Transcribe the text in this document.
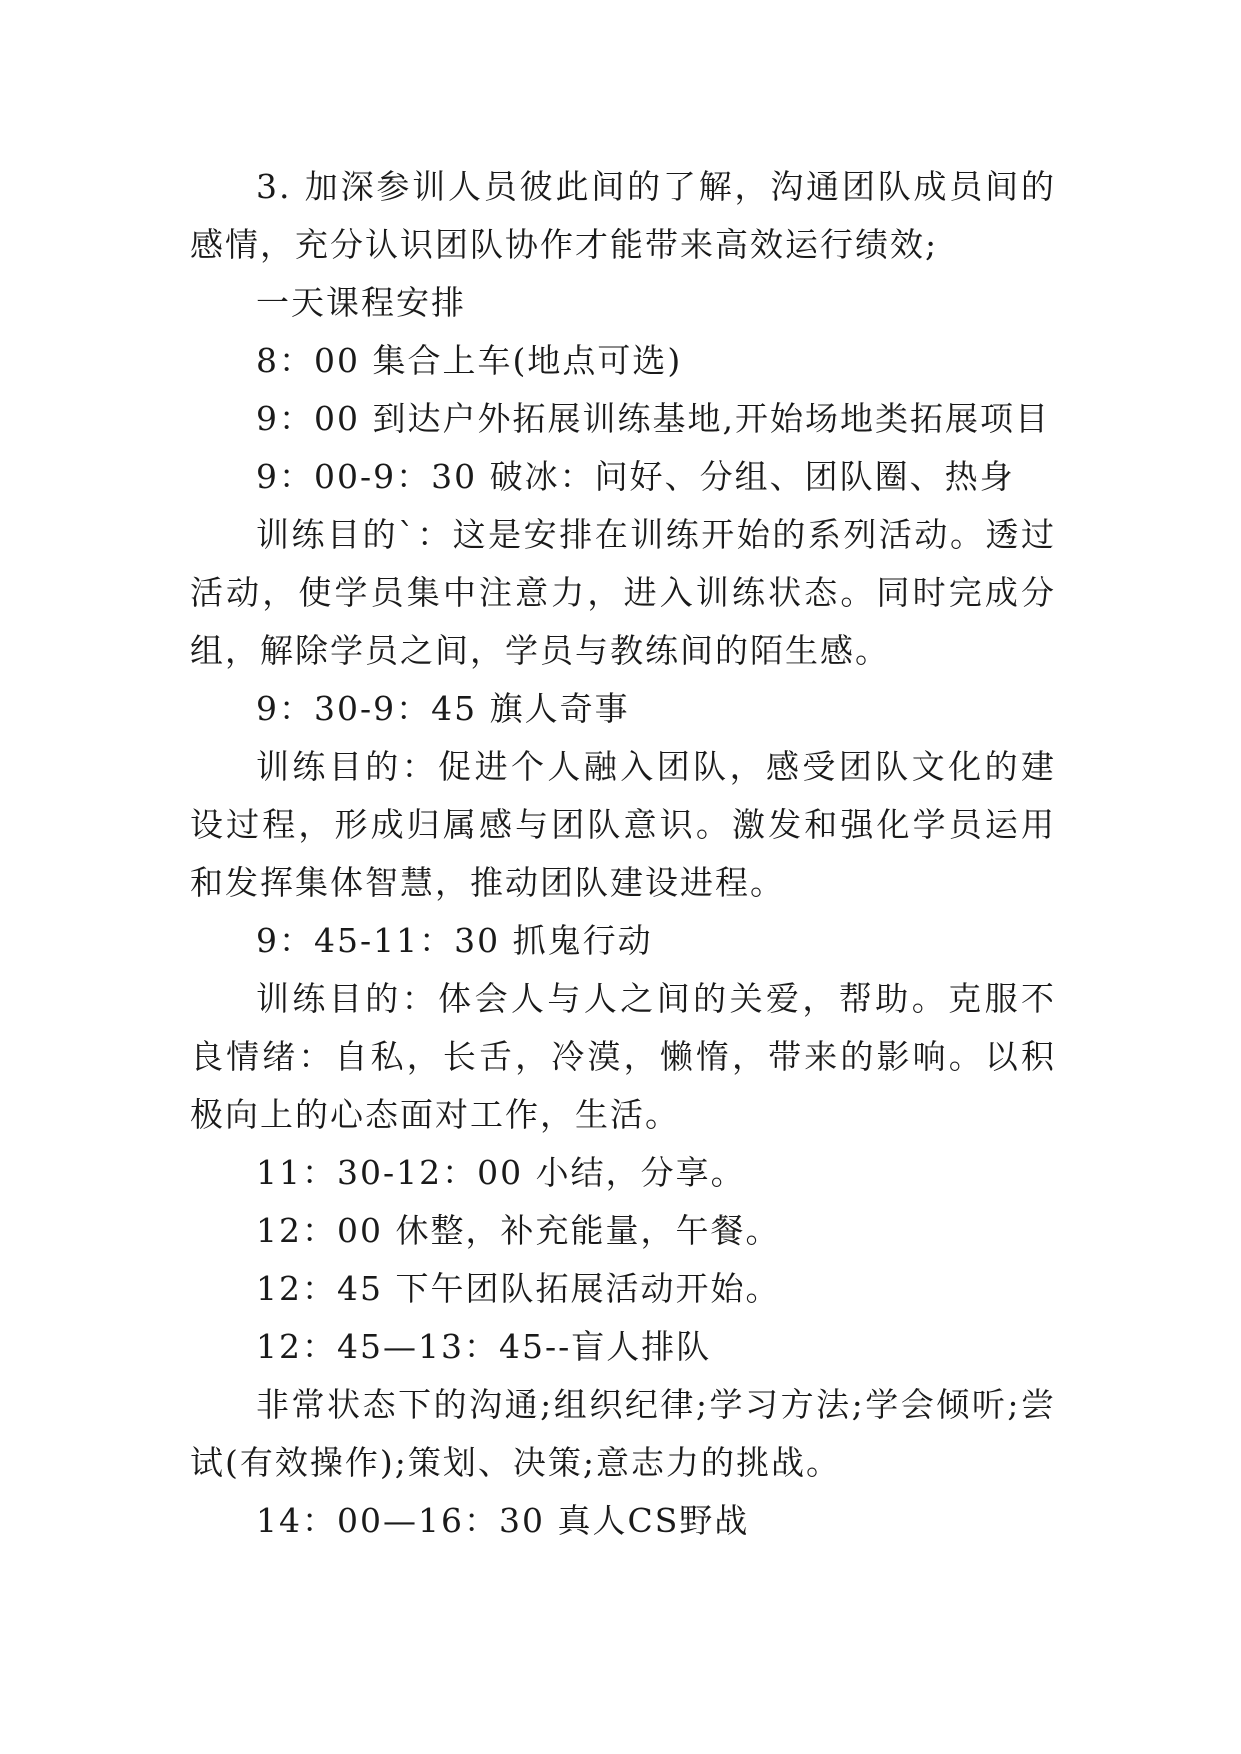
3. 加深参训人员彼此间的了解，沟通团队成员间的感情，充分认识团队协作才能带来高效运行绩效;

一天课程安排

8：00 集合上车(地点可选)

9：00 到达户外拓展训练基地,开始场地类拓展项目

9：00-9：30 破冰：问好、分组、团队圈、热身

训练目的`：这是安排在训练开始的系列活动。透过活动，使学员集中注意力，进入训练状态。同时完成分组，解除学员之间，学员与教练间的陌生感。

9：30-9：45 旗人奇事

训练目的：促进个人融入团队，感受团队文化的建设过程，形成归属感与团队意识。激发和强化学员运用和发挥集体智慧，推动团队建设进程。

9：45-11：30 抓鬼行动

训练目的：体会人与人之间的关爱，帮助。克服不良情绪：自私，长舌，冷漠，懒惰，带来的影响。以积极向上的心态面对工作，生活。

11：30-12：00 小结，分享。

12：00 休整，补充能量，午餐。

12：45 下午团队拓展活动开始。

12：45—13：45--盲人排队

非常状态下的沟通;组织纪律;学习方法;学会倾听;尝试(有效操作);策划、决策;意志力的挑战。

14：00—16：30 真人CS野战
